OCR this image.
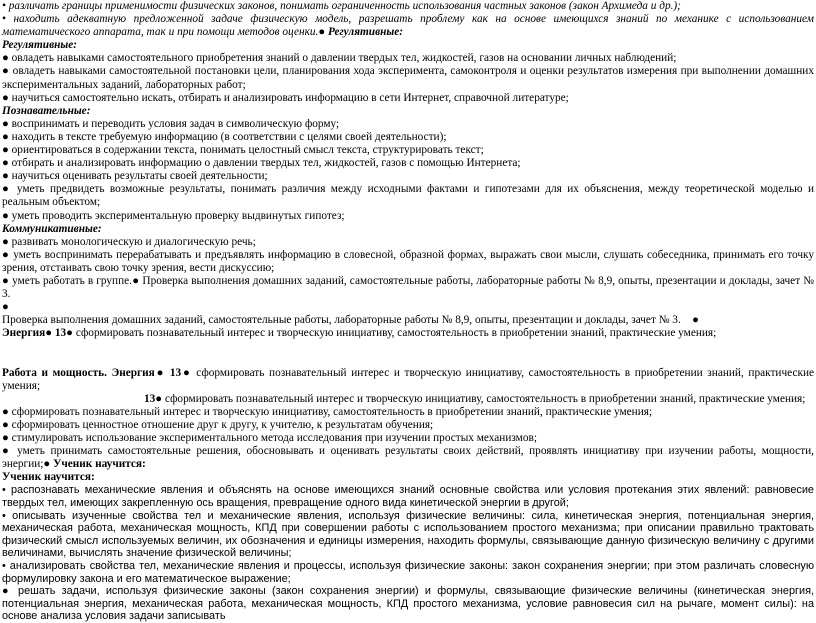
• различать границы применимости физических законов, понимать ограниченность использования частных законов (закон Архимеда и др.);

• находить адекватную предложенной задаче физическую модель, разрешать проблему как на основе имеющихся знаний по механике с использованием математического аппарата, так и при помощи методов оценки.● Регулятивные:

Регулятивные:

● овладеть навыками самостоятельного приобретения знаний о давлении твердых тел, жидкостей, газов на основании личных наблюдений;

● овладеть навыками самостоятельной постановки цели, планирования хода эксперимента, самоконтроля и оценки результатов измерения при выполнении домашних экспериментальных заданий, лабораторных работ;

● научиться самостоятельно искать, отбирать и анализировать информацию в сети Интернет, справочной литературе;

Познавательные:

● воспринимать и переводить условия задач в символическую форму;

● находить в тексте требуемую информацию (в соответствии с целями своей деятельности);

● ориентироваться в содержании текста, понимать целостный смысл текста, структурировать текст;

● отбирать и анализировать информацию о давлении твердых тел, жидкостей, газов с помощью Интернета;

● научиться оценивать результаты своей деятельности;

● уметь предвидеть возможные результаты, понимать различия между исходными фактами и гипотезами для их объяснения, между теоретической моделью и реальным объектом;

● уметь проводить экспериментальную проверку выдвинутых гипотез;

Коммуникативные:

● развивать монологическую и диалогическую речь;

● уметь воспринимать перерабатывать и предъявлять информацию в словесной, образной формах, выражать свои мысли, слушать собеседника, принимать его точку зрения, отстаивать свою точку зрения, вести дискуссию;

● уметь работать в группе.● Проверка выполнения домашних заданий, самостоятельные работы, лабораторные работы № 8,9, опыты, презентации и доклады, зачет № 3.

●

Проверка выполнения домашних заданий, самостоятельные работы, лабораторные работы № 8,9, опыты, презентации и доклады, зачет № 3. ●

Энергия● 13● сформировать познавательный интерес и творческую инициативу, самостоятельность в приобретении знаний, практические умения;

Работа и мощность. Энергия● 13● сформировать познавательный интерес и творческую инициативу, самостоятельность в приобретении знаний, практические умения;

13● сформировать познавательный интерес и творческую инициативу, самостоятельность в приобретении знаний, практические умения;

● сформировать познавательный интерес и творческую инициативу, самостоятельность в приобретении знаний, практические умения;

● сформировать ценностное отношение друг к другу, к учителю, к результатам обучения;

● стимулировать использование экспериментального метода исследования при изучении простых механизмов;

● уметь принимать самостоятельные решения, обосновывать и оценивать результаты своих действий, проявлять инициативу при изучении работы, мощности, энергии;● Ученик научится:

Ученик научится:

• распознавать механические явления и объяснять на основе имеющихся знаний основные свойства или условия протекания этих явлений: равновесие твердых тел, имеющих закрепленную ось вращения, превращение одного вида кинетической энергии в другой;

• описывать изученные свойства тел и механические явления, используя физические величины: сила, кинетическая энергия, потенциальная энергия, механическая работа, механическая мощность, КПД при совершении работы с использованием простого механизма; при описании правильно трактовать физический смысл используемых величин, их обозначения и единицы измерения, находить формулы, связывающие данную физическую величину с другими величинами, вычислять значение физической величины;

• анализировать свойства тел, механические явления и процессы, используя физические законы: закон сохранения энергии; при этом различать словесную формулировку закона и его математическое выражение;

● решать задачи, используя физические законы (закон сохранения энергии) и формулы, связывающие физические величины (кинетическая энергия, потенциальная энергия, механическая работа, механическая мощность, КПД простого механизма, условие равновесия сил на рычаге, момент силы): на основе анализа условия задачи записывать
